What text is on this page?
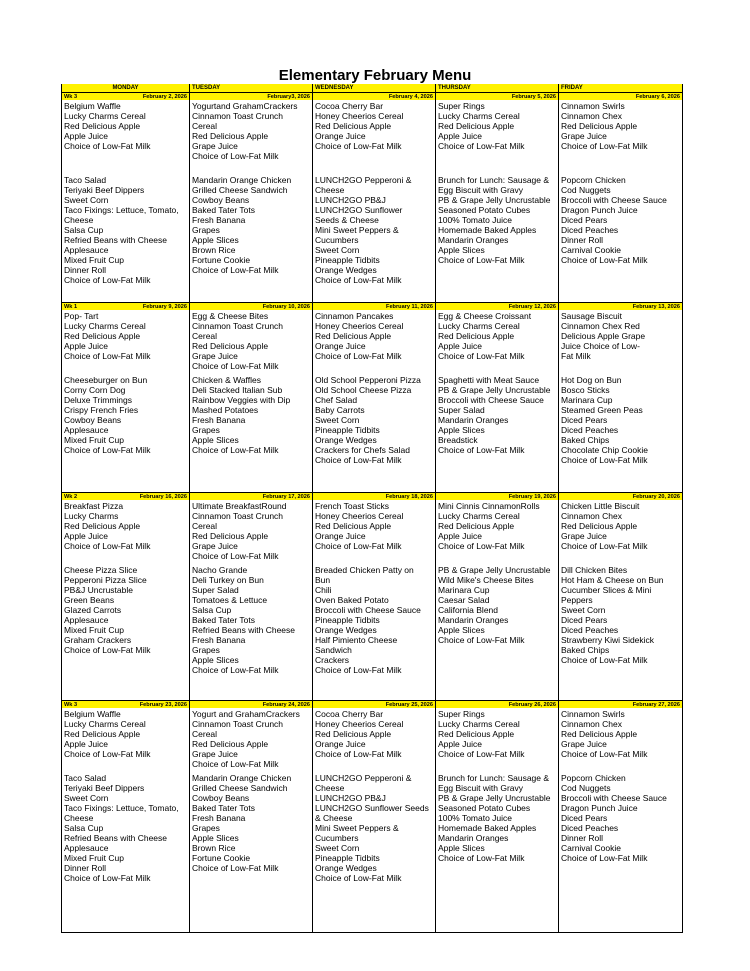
Elementary February Menu
MONDAY	TUESDAY	WEDNESDAY	THURSDAY	FRIDAY
Wk 3	February 2, 2026
Belgium Waffle
Lucky Charms Cereal
Red Delicious Apple
Apple Juice
Choice of Low-Fat Milk
Taco Salad
Teriyaki Beef Dippers
Sweet Corn
Taco Fixings: Lettuce, Tomato,
Cheese
Salsa Cup
Refried Beans with Cheese
Applesauce
Mixed Fruit Cup
Dinner Roll
Choice of Low-Fat Milk
February3, 2026
Yogurtand GrahamCrackers
Cinnamon Toast Crunch
Cereal
Red Delicious Apple
Grape Juice
Choice of Low-Fat Milk
Mandarin Orange Chicken
Grilled Cheese Sandwich
Cowboy Beans
Baked Tater Tots
Fresh Banana
Grapes
Apple Slices
Brown Rice
Fortune Cookie
Choice of Low-Fat Milk
February 4, 2026
Cocoa Cherry Bar
Honey Cheerios Cereal
Red Delicious Apple
Orange Juice
Choice of Low-Fat Milk
LUNCH2GO Pepperoni &
Cheese
LUNCH2GO PB&J
LUNCH2GO Sunflower
Seeds & Cheese
Mini Sweet Peppers &
Cucumbers
Sweet Corn
Pineapple Tidbits
Orange Wedges
Choice of Low-Fat Milk
February 5, 2026
Super Rings
Lucky Charms Cereal
Red Delicious Apple
Apple Juice
Choice of Low-Fat Milk
Brunch for Lunch: Sausage &
Egg Biscuit with Gravy
PB & Grape Jelly Uncrustable
Seasoned Potato Cubes
100% Tomato Juice
Homemade Baked Apples
Mandarin Oranges
Apple Slices
Choice of Low-Fat Milk
February 6, 2026
Cinnamon Swirls
Cinnamon Chex
Red Delicious Apple
Grape Juice
Choice of Low-Fat Milk
Popcorn Chicken
Cod Nuggets
Broccoli with Cheese Sauce
Dragon Punch Juice
Diced Pears
Diced Peaches
Dinner Roll
Carnival Cookie
Choice of Low-Fat Milk
Wk 1	February 9, 2026
Pop- Tart
Lucky Charms Cereal
Red Delicious Apple
Apple Juice
Choice of Low-Fat Milk
Cheeseburger on Bun
Corny Corn Dog
Deluxe Trimmings
Crispy French Fries
Cowboy Beans
Applesauce
Mixed Fruit Cup
Choice of Low-Fat Milk
February 10, 2026
Egg & Cheese Bites
Cinnamon Toast Crunch
Cereal
Red Delicious Apple
Grape Juice
Choice of Low-Fat Milk
Chicken & Waffles
Deli Stacked Italian Sub
Rainbow Veggies with Dip
Mashed Potatoes
Fresh Banana
Grapes
Apple Slices
Choice of Low-Fat Milk
February 11, 2026
Cinnamon Pancakes
Honey Cheerios Cereal
Red Delicious Apple
Orange Juice
Choice of Low-Fat Milk
Old School Pepperoni Pizza
Old School Cheese Pizza
Chef Salad
Baby Carrots
Sweet Corn
Pineapple Tidbits
Orange Wedges
Crackers for Chefs Salad
Choice of Low-Fat Milk
February 12, 2026
Egg & Cheese Croissant
Lucky Charms Cereal
Red Delicious Apple
Apple Juice
Choice of Low-Fat Milk
Spaghetti with Meat Sauce
PB & Grape Jelly Uncrustable
Broccoli with Cheese Sauce
Super Salad
Mandarin Oranges
Apple Slices
Breadstick
Choice of Low-Fat Milk
February 13, 2026
Sausage Biscuit
Cinnamon Chex Red
Delicious Apple Grape
Juice Choice of Low-
Fat Milk
Hot Dog on Bun
Bosco Sticks
Marinara Cup
Steamed Green Peas
Diced Pears
Diced Peaches
Baked Chips
Chocolate Chip Cookie
Choice of Low-Fat Milk
Wk 2	February 16, 2026
Breakfast Pizza
Lucky Charms
Red Delicious Apple
Apple Juice
Choice of Low-Fat Milk
Cheese Pizza Slice
Pepperoni Pizza Slice
PB&J Uncrustable
Green Beans
Glazed Carrots
Applesauce
Mixed Fruit Cup
Graham Crackers
Choice of Low-Fat Milk
February 17, 2026
Ultimate BreakfastRound
Cinnamon Toast Crunch
Cereal
Red Delicious Apple
Grape Juice
Choice of Low-Fat Milk
Nacho Grande
Deli Turkey on Bun
Super Salad
Tomatoes & Lettuce
Salsa Cup
Baked Tater Tots
Refried Beans with Cheese
Fresh Banana
Grapes
Apple Slices
Choice of Low-Fat Milk
February 18, 2026
French Toast Sticks
Honey Cheerios Cereal
Red Delicious Apple
Orange Juice
Choice of Low-Fat Milk
Breaded Chicken Patty on
Bun
Chili
Oven Baked Potato
Broccoli with Cheese Sauce
Pineapple Tidbits
Orange Wedges
Half Pimiento Cheese
Sandwich
Crackers
Choice of Low-Fat Milk
February 19, 2026
Mini Cinnis CinnamonRolls
Lucky Charms Cereal
Red Delicious Apple
Apple Juice
Choice of Low-Fat Milk
PB & Grape Jelly Uncrustable
Wild Mike's Cheese Bites
Marinara Cup
Caesar Salad
California Blend
Mandarin Oranges
Apple Slices
Choice of Low-Fat Milk
February 20, 2026
Chicken Little Biscuit
Cinnamon Chex
Red Delicious Apple
Grape Juice
Choice of Low-Fat Milk
Dill Chicken Bites
Hot Ham & Cheese on Bun
Cucumber Slices & Mini
Peppers
Sweet Corn
Diced Pears
Diced Peaches
Strawberry Kiwi Sidekick
Baked Chips
Choice of Low-Fat Milk
Wk 3	February 23, 2026
Belgium Waffle
Lucky Charms Cereal
Red Delicious Apple
Apple Juice
Choice of Low-Fat Milk
Taco Salad
Teriyaki Beef Dippers
Sweet Corn
Taco Fixings: Lettuce, Tomato,
Cheese
Salsa Cup
Refried Beans with Cheese
Applesauce
Mixed Fruit Cup
Dinner Roll
Choice of Low-Fat Milk
February 24, 2026
Yogurt and GrahamCrackers
Cinnamon Toast Crunch
Cereal
Red Delicious Apple
Grape Juice
Choice of Low-Fat Milk
Mandarin Orange Chicken
Grilled Cheese Sandwich
Cowboy Beans
Baked Tater Tots
Fresh Banana
Grapes
Apple Slices
Brown Rice
Fortune Cookie
Choice of Low-Fat Milk
February 25, 2026
Cocoa Cherry Bar
Honey Cheerios Cereal
Red Delicious Apple
Orange Juice
Choice of Low-Fat Milk
LUNCH2GO Pepperoni &
Cheese
LUNCH2GO PB&J
LUNCH2GO Sunflower Seeds
& Cheese
Mini Sweet Peppers &
Cucumbers
Sweet Corn
Pineapple Tidbits
Orange Wedges
Choice of Low-Fat Milk
February 26, 2026
Super Rings
Lucky Charms Cereal
Red Delicious Apple
Apple Juice
Choice of Low-Fat Milk
Brunch for Lunch: Sausage &
Egg Biscuit with Gravy
PB & Grape Jelly Uncrustable
Seasoned Potato Cubes
100% Tomato Juice
Homemade Baked Apples
Mandarin Oranges
Apple Slices
Choice of Low-Fat Milk
February 27, 2026
Cinnamon Swirls
Cinnamon Chex
Red Delicious Apple
Grape Juice
Choice of Low-Fat Milk
Popcorn Chicken
Cod Nuggets
Broccoli with Cheese Sauce
Dragon Punch Juice
Diced Pears
Diced Peaches
Dinner Roll
Carnival Cookie
Choice of Low-Fat Milk
